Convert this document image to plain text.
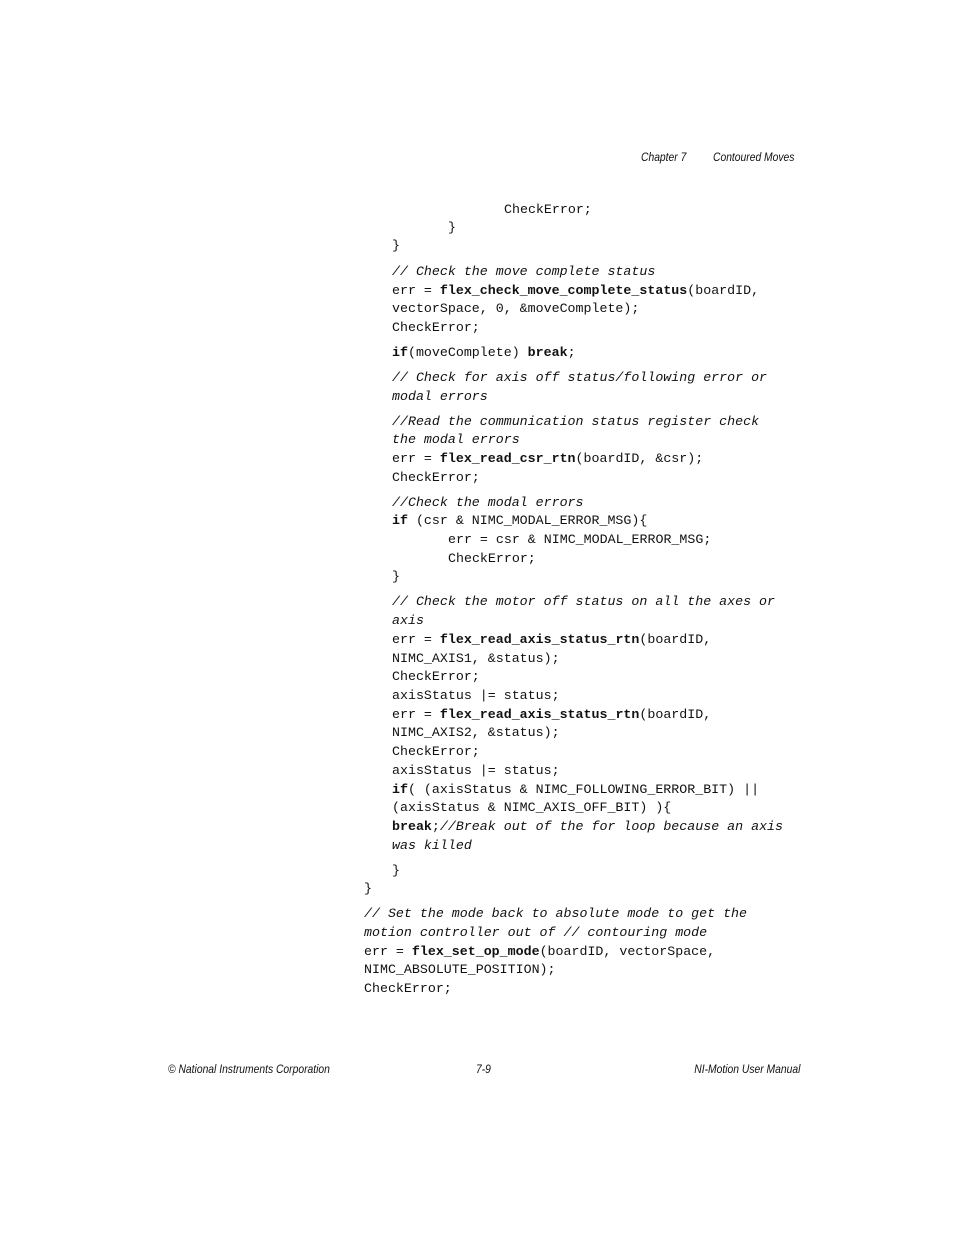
Chapter 7 Contoured Moves
CheckError;
}
}
// Check the move complete status
err = flex_check_move_complete_status(boardID,
vectorSpace, 0, &moveComplete);
CheckError;
if(moveComplete) break;
// Check for axis off status/following error or
modal errors
//Read the communication status register check
the modal errors
err = flex_read_csr_rtn(boardID, &csr);
CheckError;
//Check the modal errors
if (csr & NIMC_MODAL_ERROR_MSG){
err = csr & NIMC_MODAL_ERROR_MSG;
CheckError;
}
// Check the motor off status on all the axes or
axis
err = flex_read_axis_status_rtn(boardID,
NIMC_AXIS1, &status);
CheckError;
axisStatus |= status;
err = flex_read_axis_status_rtn(boardID,
NIMC_AXIS2, &status);
CheckError;
axisStatus |= status;
if( (axisStatus & NIMC_FOLLOWING_ERROR_BIT) ||
(axisStatus & NIMC_AXIS_OFF_BIT) ){
break;//Break out of the for loop because an axis
was killed
}
}
// Set the mode back to absolute mode to get the
motion controller out of // contouring mode
err = flex_set_op_mode(boardID, vectorSpace,
NIMC_ABSOLUTE_POSITION);
CheckError;
© National Instruments Corporation	7-9	NI-Motion User Manual
